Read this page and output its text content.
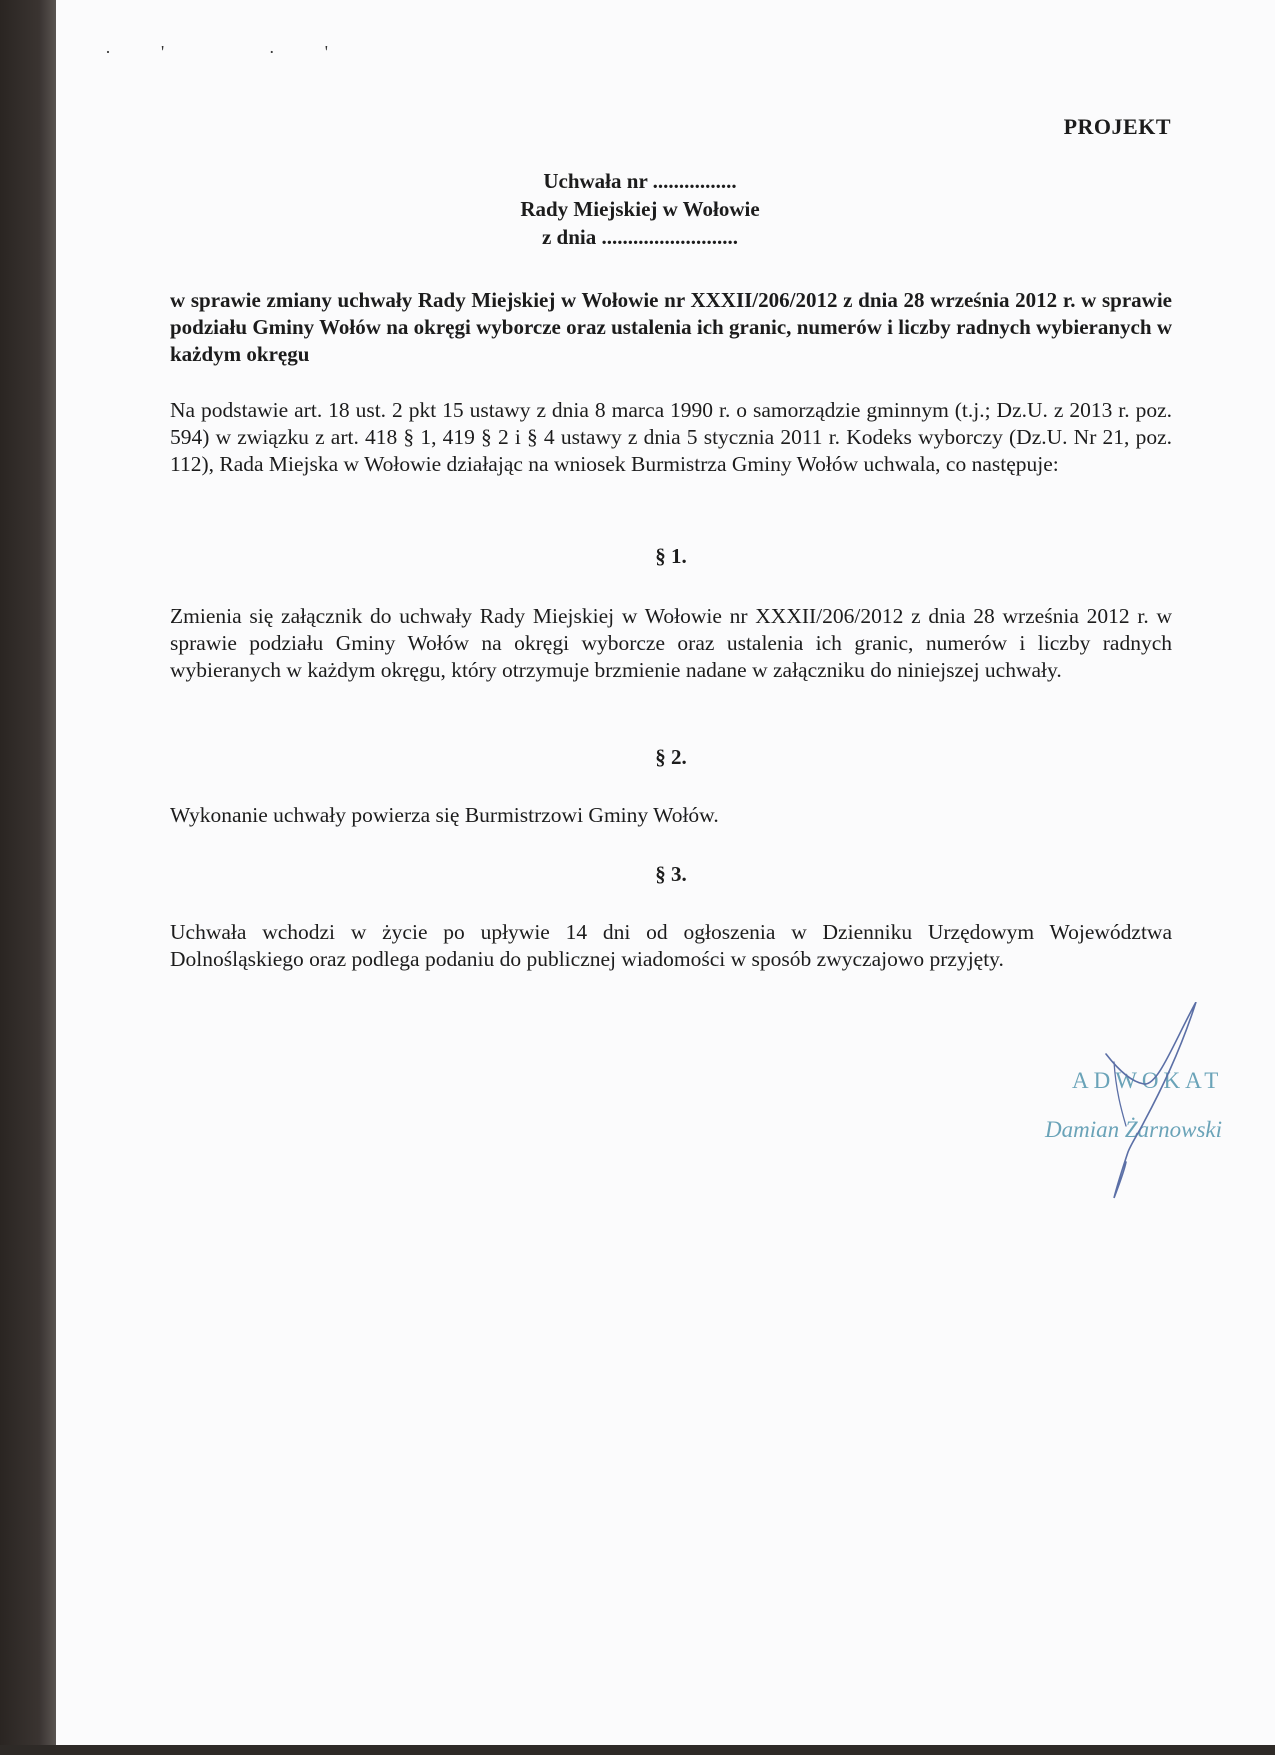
·' ·'
PROJEKT
Uchwała nr ................
Rady Miejskiej w Wołowie
z dnia ..........................
w sprawie zmiany uchwały Rady Miejskiej w Wołowie nr XXXII/206/2012 z dnia 28 września 2012 r. w sprawie podziału Gminy Wołów na okręgi wyborcze oraz ustalenia ich granic, numerów i liczby radnych wybieranych w każdym okręgu
Na podstawie art. 18 ust. 2 pkt 15 ustawy z dnia 8 marca 1990 r. o samorządzie gminnym (t.j.; Dz.U. z 2013 r. poz. 594) w związku z art. 418 § 1, 419 § 2 i § 4 ustawy z dnia 5 stycznia 2011 r. Kodeks wyborczy (Dz.U. Nr 21, poz. 112), Rada Miejska w Wołowie działając na wniosek Burmistrza Gminy Wołów uchwala, co następuje:
§ 1.
Zmienia się załącznik do uchwały Rady Miejskiej w Wołowie nr XXXII/206/2012 z dnia 28 września 2012 r. w sprawie podziału Gminy Wołów na okręgi wyborcze oraz ustalenia ich granic, numerów i liczby radnych wybieranych w każdym okręgu, który otrzymuje brzmienie nadane w załączniku do niniejszej uchwały.
§ 2.
Wykonanie uchwały powierza się Burmistrzowi Gminy Wołów.
§ 3.
Uchwała wchodzi w życie po upływie 14 dni od ogłoszenia w Dzienniku Urzędowym Województwa Dolnośląskiego oraz podlega podaniu do publicznej wiadomości w sposób zwyczajowo przyjęty.
ADWOKAT
Damian Żarnowski
